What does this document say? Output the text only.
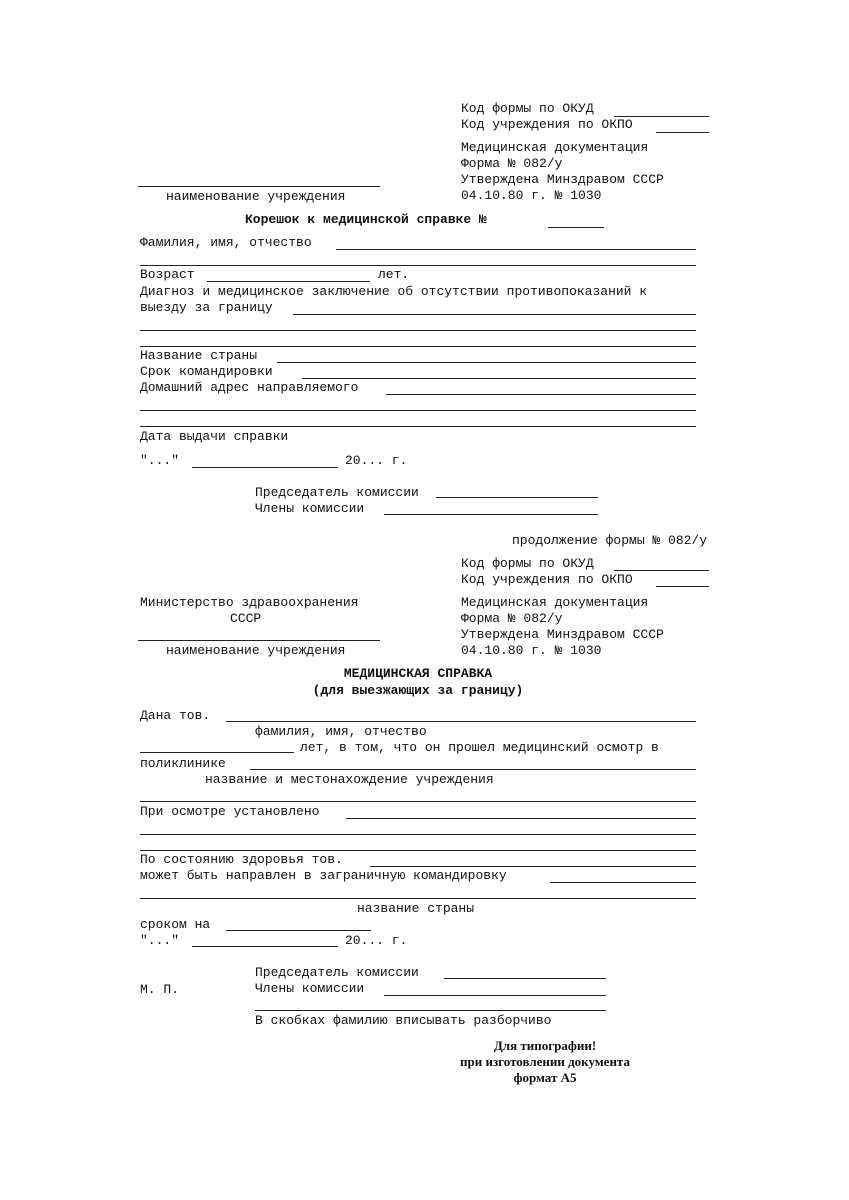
Код формы по ОКУД
Код учреждения по ОКПО
Медицинская документация
Форма № 082/у
Утверждена Минздравом СССР
04.10.80 г. № 1030
наименование учреждения
Корешок к медицинской справке №
Фамилия, имя, отчество
Возраст	лет.
Диагноз и медицинское заключение об отсутствии противопоказаний к
выезду за границу
Название страны
Срок командировки
Домашний адрес направляемого
Дата выдачи справки
"..."	20... г.
Председатель комиссии
Члены комиссии
продолжение формы № 082/у
Код формы по ОКУД
Код учреждения по ОКПО
Министерство здравоохранения
СССР
Медицинская документация
Форма № 082/у
Утверждена Минздравом СССР
04.10.80 г. № 1030
наименование учреждения
МЕДИЦИНСКАЯ СПРАВКА
(для выезжающих за границу)
Дана тов.
фамилия, имя, отчество
лет, в том, что он прошел медицинский осмотр в
поликлинике
название и местонахождение учреждения
При осмотре установлено
По состоянию здоровья тов.
может быть направлен в заграничную командировку
название страны
сроком на
"..."	20... г.
Председатель комиссии
М. П.	Члены комиссии
В скобках фамилию вписывать разборчиво
Для типографии!
при изготовлении документа
формат А5
